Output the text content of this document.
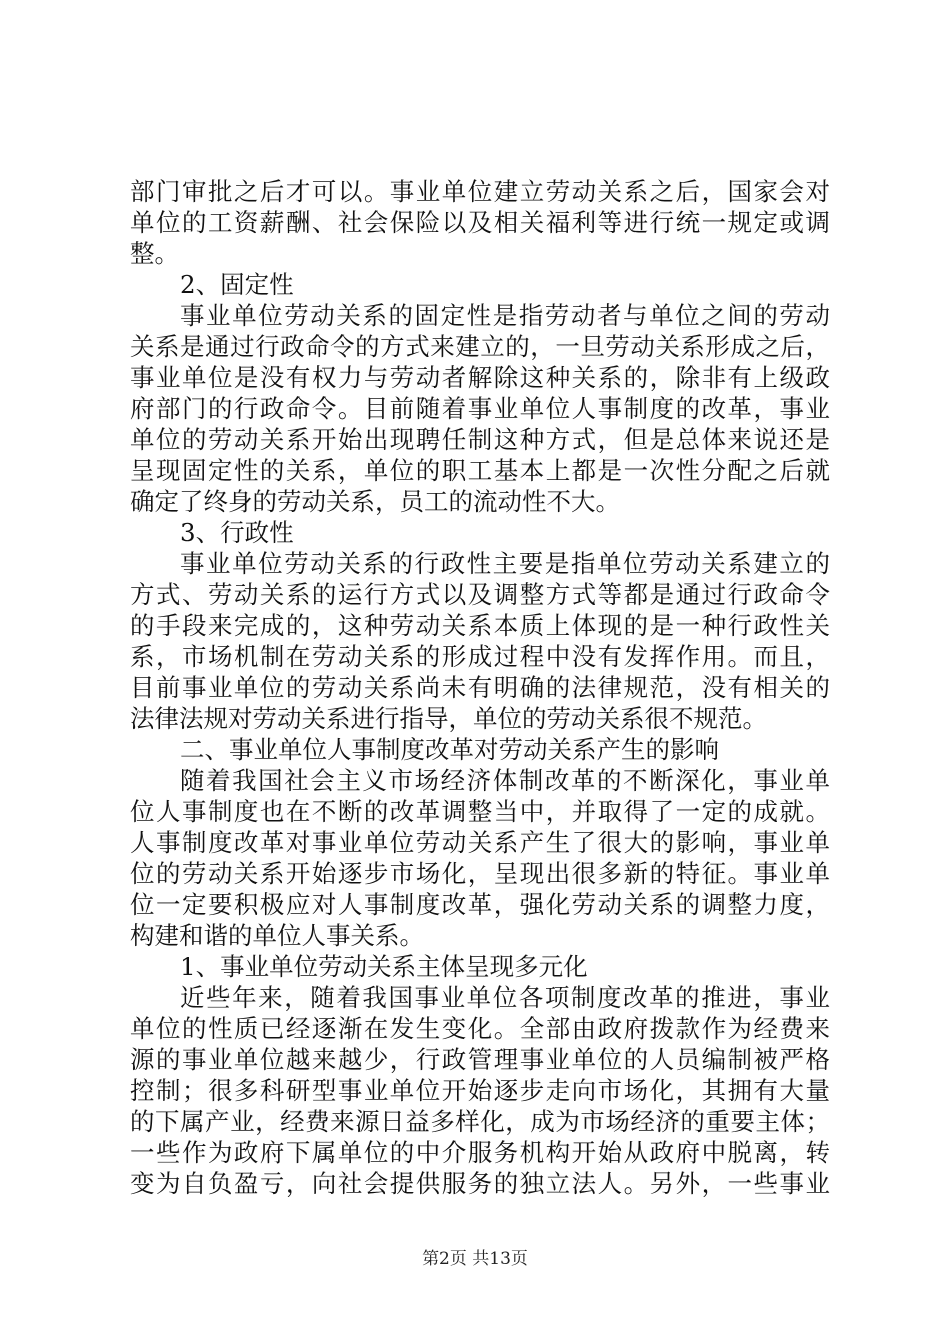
部门审批之后才可以。事业单位建立劳动关系之后，国家会对
单位的工资薪酬、社会保险以及相关福利等进行统一规定或调
整。
2、固定性
事业单位劳动关系的固定性是指劳动者与单位之间的劳动
关系是通过行政命令的方式来建立的，一旦劳动关系形成之后，
事业单位是没有权力与劳动者解除这种关系的，除非有上级政
府部门的行政命令。目前随着事业单位人事制度的改革，事业
单位的劳动关系开始出现聘任制这种方式，但是总体来说还是
呈现固定性的关系，单位的职工基本上都是一次性分配之后就
确定了终身的劳动关系，员工的流动性不大。
3、行政性
事业单位劳动关系的行政性主要是指单位劳动关系建立的
方式、劳动关系的运行方式以及调整方式等都是通过行政命令
的手段来完成的，这种劳动关系本质上体现的是一种行政性关
系，市场机制在劳动关系的形成过程中没有发挥作用。而且，
目前事业单位的劳动关系尚未有明确的法律规范，没有相关的
法律法规对劳动关系进行指导，单位的劳动关系很不规范。
二、事业单位人事制度改革对劳动关系产生的影响
随着我国社会主义市场经济体制改革的不断深化，事业单
位人事制度也在不断的改革调整当中，并取得了一定的成就。
人事制度改革对事业单位劳动关系产生了很大的影响，事业单
位的劳动关系开始逐步市场化，呈现出很多新的特征。事业单
位一定要积极应对人事制度改革，强化劳动关系的调整力度，
构建和谐的单位人事关系。
1、事业单位劳动关系主体呈现多元化
近些年来，随着我国事业单位各项制度改革的推进，事业
单位的性质已经逐渐在发生变化。全部由政府拨款作为经费来
源的事业单位越来越少，行政管理事业单位的人员编制被严格
控制；很多科研型事业单位开始逐步走向市场化，其拥有大量
的下属产业，经费来源日益多样化，成为市场经济的重要主体；
一些作为政府下属单位的中介服务机构开始从政府中脱离，转
变为自负盈亏，向社会提供服务的独立法人。另外，一些事业
第2页 共13页
